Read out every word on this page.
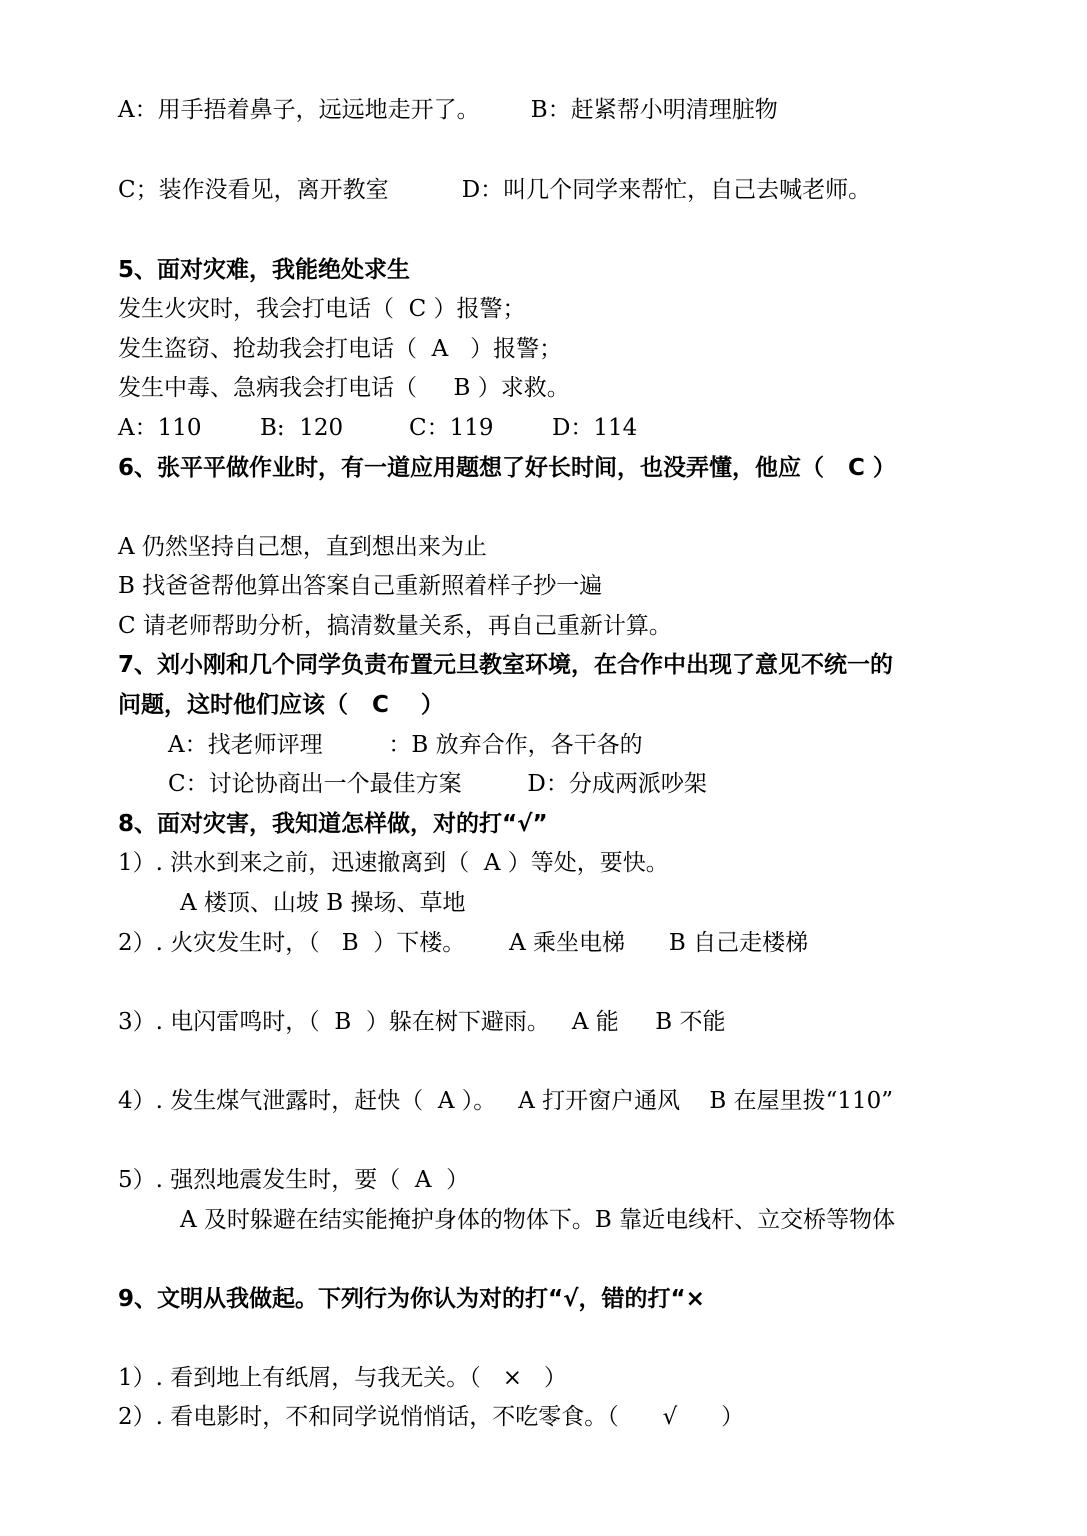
A：用手捂着鼻子，远远地走开了。       B：赶紧帮小明清理脏物
C；装作没看见，离开教室          D：叫几个同学来帮忙，自己去喊老师。
5、面对灾难，我能绝处求生
发生火灾时，我会打电话（  C ）报警；
发生盗窃、抢劫我会打电话（  A   ）报警；
发生中毒、急病我会打电话（     B ）求救。
A：110        B:  120         C：119        D：114
6、张平平做作业时，有一道应用题想了好长时间，也没弄懂，他应（   C ）
A 仍然坚持自己想，直到想出来为止
B 找爸爸帮他算出答案自己重新照着样子抄一遍
C 请老师帮助分析，搞清数量关系，再自己重新计算。
7、刘小刚和几个同学负责布置元旦教室环境，在合作中出现了意见不统一的
问题，这时他们应该（   C    ）
A：找老师评理         ：B 放弃合作，各干各的
C：讨论协商出一个最佳方案         D：分成两派吵架
8、面对灾害，我知道怎样做，对的打“√”
1）. 洪水到来之前，迅速撤离到（  A ）等处，要快。
A 楼顶、山坡 B 操场、草地
2）. 火灾发生时，（   B  ）下楼。      A 乘坐电梯      B 自己走楼梯
3）. 电闪雷鸣时，（  B  ）躲在树下避雨。   A 能     B 不能
4）. 发生煤气泄露时，赶快（  A ）。   A 打开窗户通风    B 在屋里拨“110”
5）. 强烈地震发生时，要（  A  ）
A 及时躲避在结实能掩护身体的物体下。B 靠近电线杆、立交桥等物体
9、文明从我做起。下列行为你认为对的打“√，错的打“×
1）. 看到地上有纸屑，与我无关。（   ×   ）
2）. 看电影时，不和同学说悄悄话，不吃零食。（      √      ）
